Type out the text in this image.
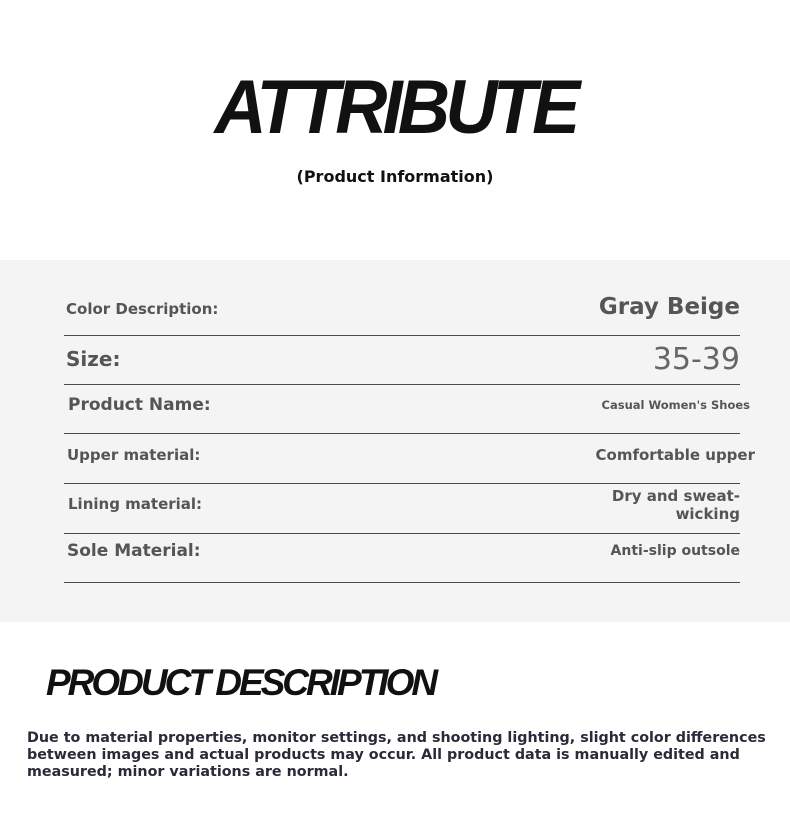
ATTRIBUTE
(Product Information)
Color Description:	Gray Beige
Size:	35-39
Product Name:	Casual Women's Shoes
Upper material:	Comfortable upper
Lining material:	Dry and sweat-wicking
Sole Material:	Anti-slip outsole
PRODUCT DESCRIPTION

Due to material properties, monitor settings, and shooting lighting, slight color differences between images and actual products may occur. All product data is manually edited and measured; minor variations are normal.
